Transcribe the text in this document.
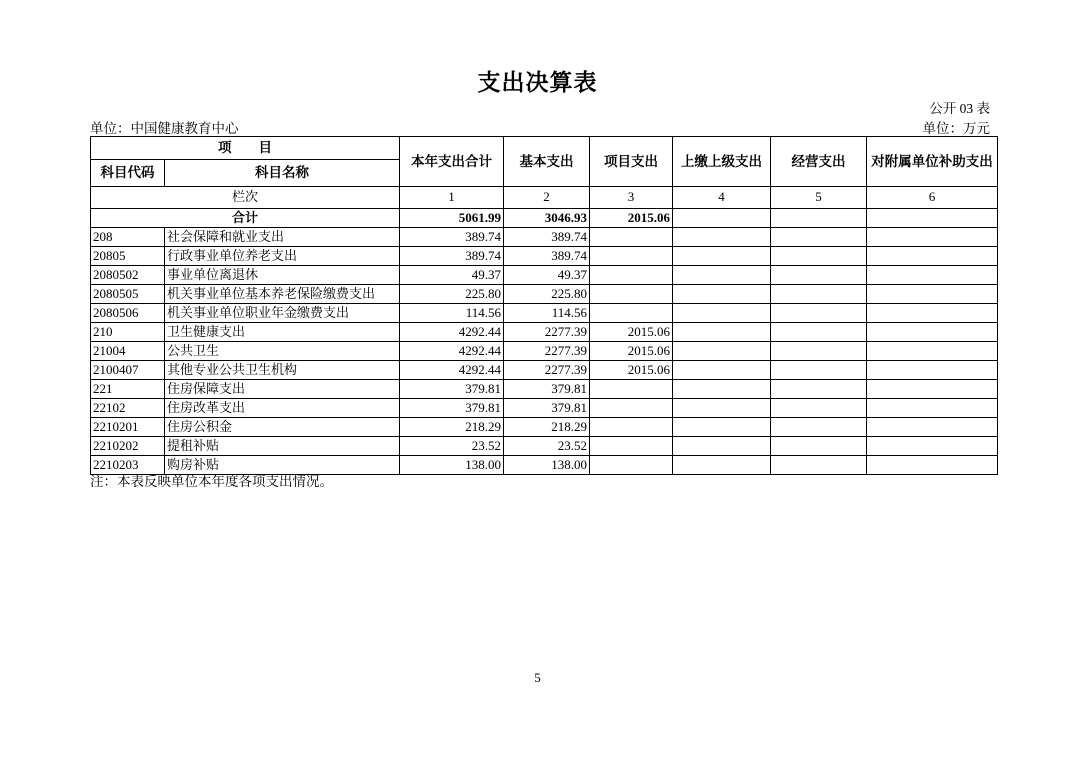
支出决算表
公开 03 表
单位：中国健康教育中心	单位：万元
项　　目		本年支出合计	基本支出	项目支出	上缴上级支出	经营支出	对附属单位补助支出
科目代码	科目名称						
栏次		1	2	3	4	5	6
合计		5061.99	3046.93	2015.06			
208	社会保障和就业支出	389.74	389.74				
20805	行政事业单位养老支出	389.74	389.74				
2080502	事业单位离退休	49.37	49.37				
2080505	机关事业单位基本养老保险缴费支出	225.80	225.80				
2080506	机关事业单位职业年金缴费支出	114.56	114.56				
210	卫生健康支出	4292.44	2277.39	2015.06			
21004	公共卫生	4292.44	2277.39	2015.06			
2100407	其他专业公共卫生机构	4292.44	2277.39	2015.06			
221	住房保障支出	379.81	379.81				
22102	住房改革支出	379.81	379.81				
2210201	住房公积金	218.29	218.29				
2210202	提租补贴	23.52	23.52				
2210203	购房补贴	138.00	138.00				
注：本表反映单位本年度各项支出情况。
5
